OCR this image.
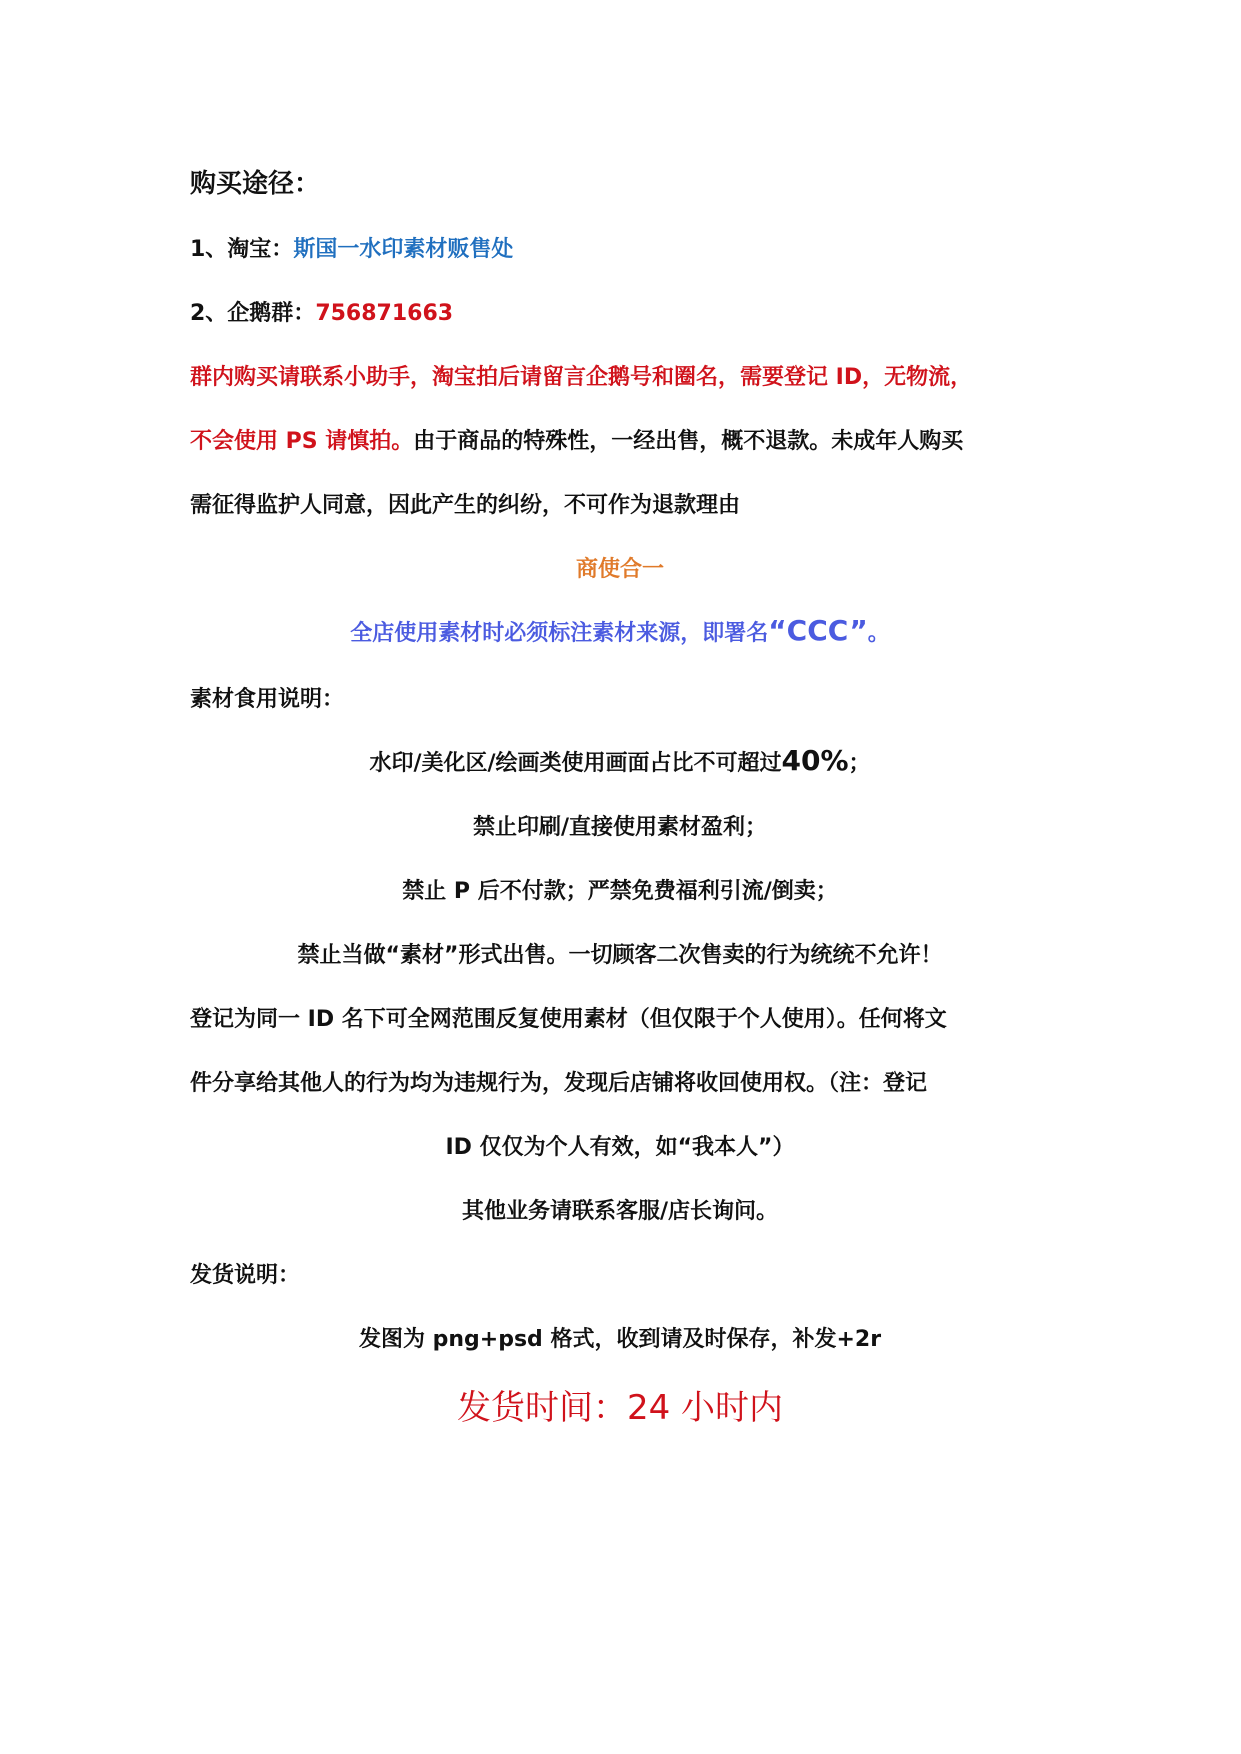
购买途径：
1、淘宝：斯国一水印素材贩售处
2、企鹅群：756871663
群内购买请联系小助手，淘宝拍后请留言企鹅号和圈名，需要登记 ID，无物流，
不会使用 PS 请慎拍。由于商品的特殊性，一经出售，概不退款。未成年人购买
需征得监护人同意，因此产生的纠纷，不可作为退款理由
商使合一
全店使用素材时必须标注素材来源，即署名“CCC”。
素材食用说明：
水印/美化区/绘画类使用画面占比不可超过40%；
禁止印刷/直接使用素材盈利；
禁止 P 后不付款；严禁免费福利引流/倒卖；
禁止当做“素材”形式出售。一切顾客二次售卖的行为统统不允许！
登记为同一 ID 名下可全网范围反复使用素材（但仅限于个人使用）。任何将文
件分享给其他人的行为均为违规行为，发现后店铺将收回使用权。（注：登记
ID 仅仅为个人有效，如“我本人”）
其他业务请联系客服/店长询问。
发货说明：
发图为 png+psd 格式，收到请及时保存，补发+2r
发货时间：24 小时内
